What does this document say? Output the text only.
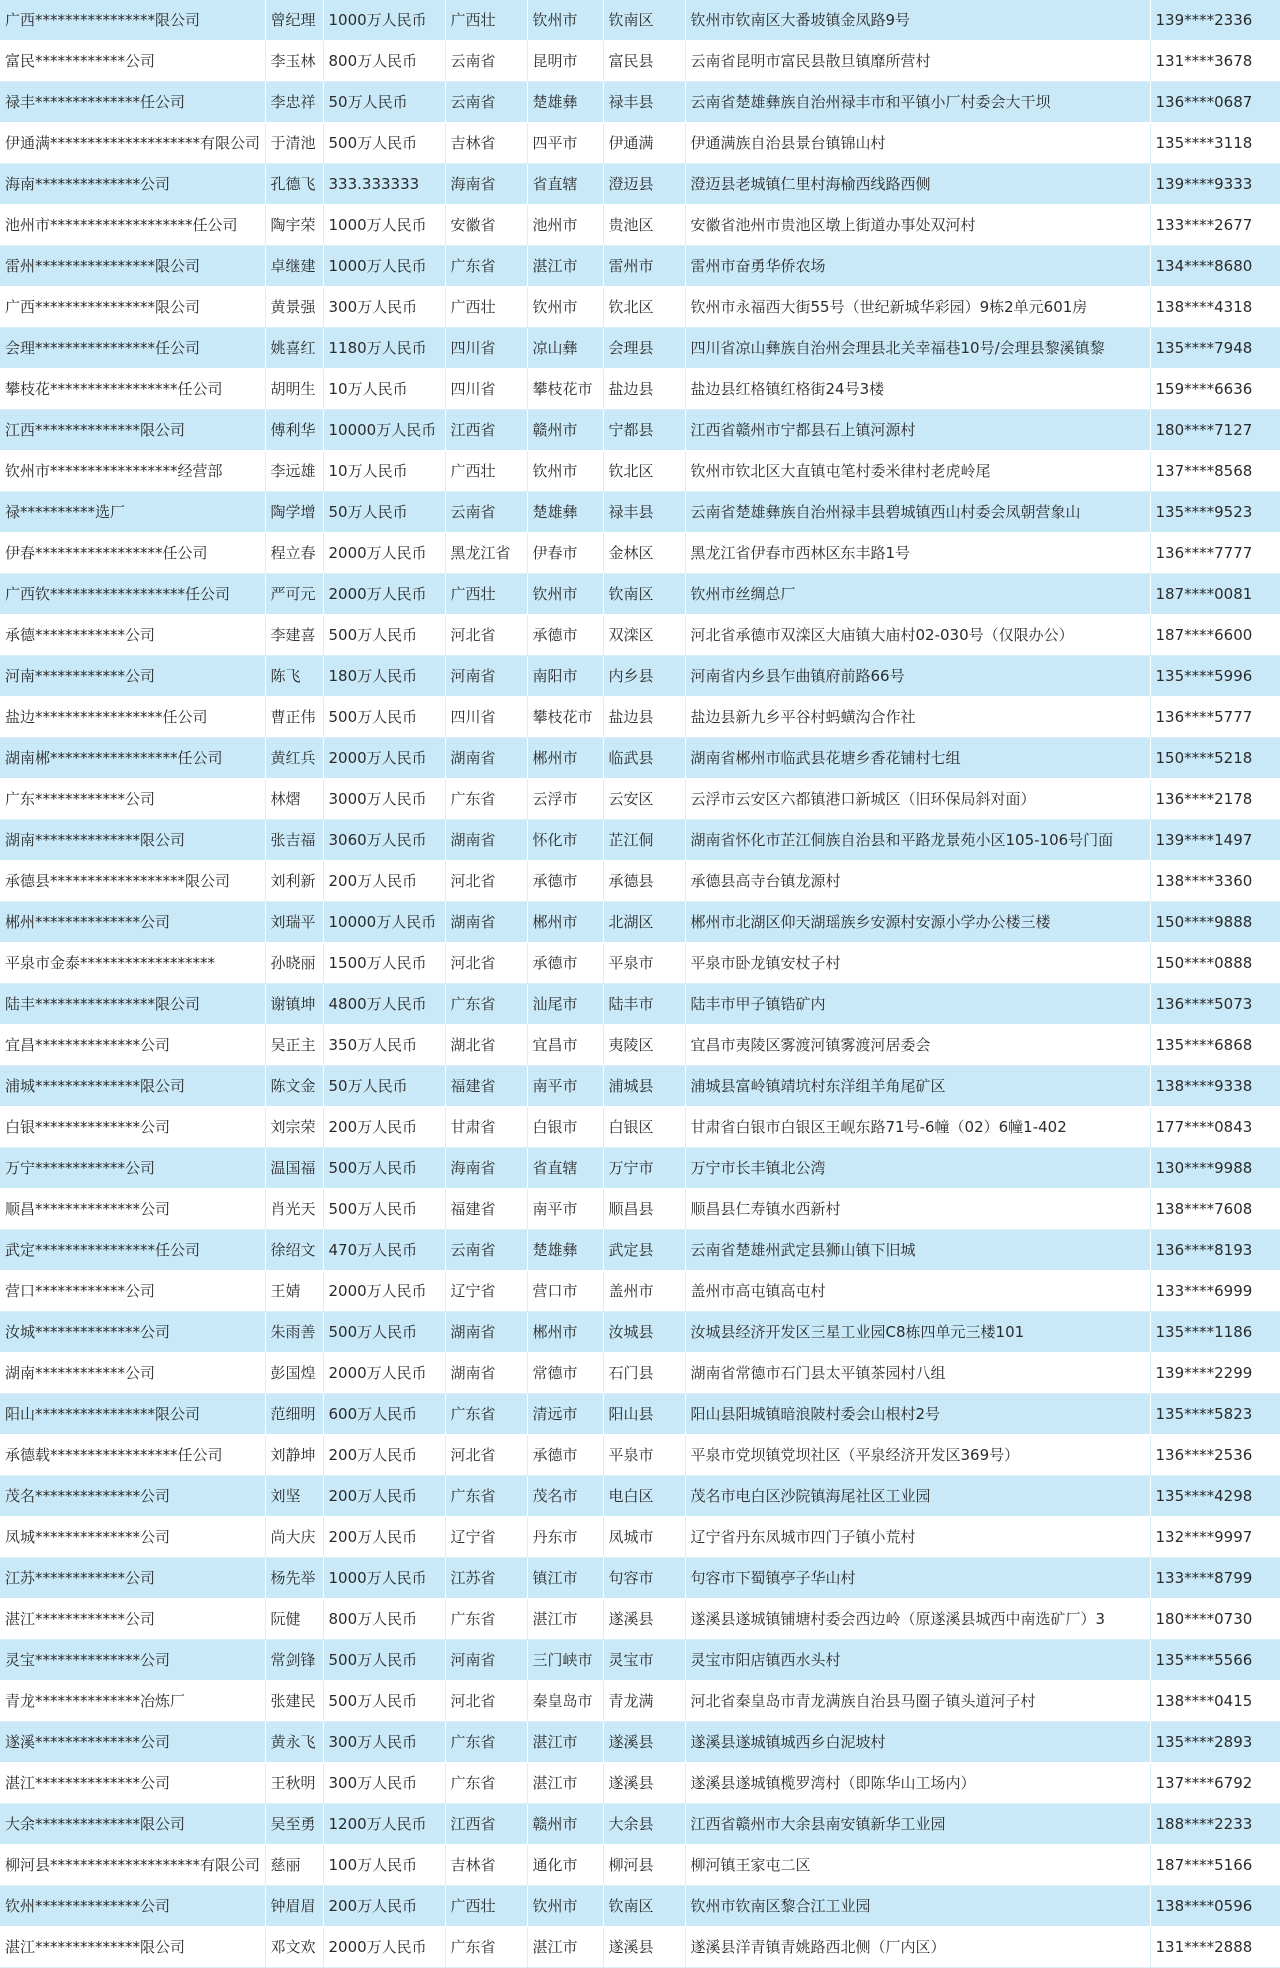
广西****************限公司	曾纪理	1000万人民币	广西壮	钦州市	钦南区	钦州市钦南区大番坡镇金凤路9号	139****2336
富民************公司	李玉林	800万人民币	云南省	昆明市	富民县	云南省昆明市富民县散旦镇靡所营村	131****3678
禄丰**************任公司	李忠祥	50万人民币	云南省	楚雄彝	禄丰县	云南省楚雄彝族自治州禄丰市和平镇小厂村委会大干坝	136****0687
伊通满********************有限公司	于清池	500万人民币	吉林省	四平市	伊通满	伊通满族自治县景台镇锦山村	135****3118
海南**************公司	孔德飞	333.333333	海南省	省直辖	澄迈县	澄迈县老城镇仁里村海榆西线路西侧	139****9333
池州市*******************任公司	陶宇荣	1000万人民币	安徽省	池州市	贵池区	安徽省池州市贵池区墩上街道办事处双河村	133****2677
雷州****************限公司	卓继建	1000万人民币	广东省	湛江市	雷州市	雷州市奋勇华侨农场	134****8680
广西****************限公司	黄景强	300万人民币	广西壮	钦州市	钦北区	钦州市永福西大街55号（世纪新城华彩园）9栋2单元601房	138****4318
会理****************任公司	姚喜红	1180万人民币	四川省	凉山彝	会理县	四川省凉山彝族自治州会理县北关幸福巷10号/会理县黎溪镇黎	135****7948
攀枝花*****************任公司	胡明生	10万人民币	四川省	攀枝花市	盐边县	盐边县红格镇红格街24号3楼	159****6636
江西**************限公司	傅利华	10000万人民币	江西省	赣州市	宁都县	江西省赣州市宁都县石上镇河源村	180****7127
钦州市*****************经营部	李远雄	10万人民币	广西壮	钦州市	钦北区	钦州市钦北区大直镇屯笔村委米律村老虎岭尾	137****8568
禄**********选厂	陶学增	50万人民币	云南省	楚雄彝	禄丰县	云南省楚雄彝族自治州禄丰县碧城镇西山村委会凤朝营象山	135****9523
伊春*****************任公司	程立春	2000万人民币	黑龙江省	伊春市	金林区	黑龙江省伊春市西林区东丰路1号	136****7777
广西钦******************任公司	严可元	2000万人民币	广西壮	钦州市	钦南区	钦州市丝绸总厂	187****0081
承德************公司	李建喜	500万人民币	河北省	承德市	双滦区	河北省承德市双滦区大庙镇大庙村02-030号（仅限办公）	187****6600
河南************公司	陈飞	180万人民币	河南省	南阳市	内乡县	河南省内乡县乍曲镇府前路66号	135****5996
盐边*****************任公司	曹正伟	500万人民币	四川省	攀枝花市	盐边县	盐边县新九乡平谷村蚂蟥沟合作社	136****5777
湖南郴*****************任公司	黄红兵	2000万人民币	湖南省	郴州市	临武县	湖南省郴州市临武县花塘乡香花铺村七组	150****5218
广东************公司	林熠	3000万人民币	广东省	云浮市	云安区	云浮市云安区六都镇港口新城区（旧环保局斜对面）	136****2178
湖南**************限公司	张吉福	3060万人民币	湖南省	怀化市	芷江侗	湖南省怀化市芷江侗族自治县和平路龙景苑小区105-106号门面	139****1497
承德县******************限公司	刘利新	200万人民币	河北省	承德市	承德县	承德县高寺台镇龙源村	138****3360
郴州**************公司	刘瑞平	10000万人民币	湖南省	郴州市	北湖区	郴州市北湖区仰天湖瑶族乡安源村安源小学办公楼三楼	150****9888
平泉市金泰******************	孙晓丽	1500万人民币	河北省	承德市	平泉市	平泉市卧龙镇安杖子村	150****0888
陆丰****************限公司	谢镇坤	4800万人民币	广东省	汕尾市	陆丰市	陆丰市甲子镇锆矿内	136****5073
宜昌**************公司	吴正主	350万人民币	湖北省	宜昌市	夷陵区	宜昌市夷陵区雾渡河镇雾渡河居委会	135****6868
浦城**************限公司	陈文金	50万人民币	福建省	南平市	浦城县	浦城县富岭镇靖坑村东洋组羊角尾矿区	138****9338
白银**************公司	刘宗荣	200万人民币	甘肃省	白银市	白银区	甘肃省白银市白银区王岘东路71号-6幢（02）6幢1-402	177****0843
万宁************公司	温国福	500万人民币	海南省	省直辖	万宁市	万宁市长丰镇北公湾	130****9988
顺昌**************公司	肖光天	500万人民币	福建省	南平市	顺昌县	顺昌县仁寿镇水西新村	138****7608
武定****************任公司	徐绍文	470万人民币	云南省	楚雄彝	武定县	云南省楚雄州武定县狮山镇下旧城	136****8193
营口************公司	王婧	2000万人民币	辽宁省	营口市	盖州市	盖州市高屯镇高屯村	133****6999
汝城**************公司	朱雨善	500万人民币	湖南省	郴州市	汝城县	汝城县经济开发区三星工业园C8栋四单元三楼101	135****1186
湖南************公司	彭国煌	2000万人民币	湖南省	常德市	石门县	湖南省常德市石门县太平镇茶园村八组	139****2299
阳山****************限公司	范细明	600万人民币	广东省	清远市	阳山县	阳山县阳城镇暗浪陂村委会山根村2号	135****5823
承德载*****************任公司	刘静坤	200万人民币	河北省	承德市	平泉市	平泉市党坝镇党坝社区（平泉经济开发区369号）	136****2536
茂名**************公司	刘坚	200万人民币	广东省	茂名市	电白区	茂名市电白区沙院镇海尾社区工业园	135****4298
凤城**************公司	尚大庆	200万人民币	辽宁省	丹东市	凤城市	辽宁省丹东凤城市四门子镇小荒村	132****9997
江苏************公司	杨先举	1000万人民币	江苏省	镇江市	句容市	句容市下蜀镇亭子华山村	133****8799
湛江************公司	阮健	800万人民币	广东省	湛江市	遂溪县	遂溪县遂城镇铺塘村委会西边岭（原遂溪县城西中南选矿厂）3	180****0730
灵宝**************公司	常剑锋	500万人民币	河南省	三门峡市	灵宝市	灵宝市阳店镇西水头村	135****5566
青龙**************冶炼厂	张建民	500万人民币	河北省	秦皇岛市	青龙满	河北省秦皇岛市青龙满族自治县马圈子镇头道河子村	138****0415
遂溪**************公司	黄永飞	300万人民币	广东省	湛江市	遂溪县	遂溪县遂城镇城西乡白泥坡村	135****2893
湛江**************公司	王秋明	300万人民币	广东省	湛江市	遂溪县	遂溪县遂城镇榄罗湾村（即陈华山工场内）	137****6792
大余**************限公司	吴至勇	1200万人民币	江西省	赣州市	大余县	江西省赣州市大余县南安镇新华工业园	188****2233
柳河县********************有限公司	慈丽	100万人民币	吉林省	通化市	柳河县	柳河镇王家屯二区	187****5166
钦州**************公司	钟眉眉	200万人民币	广西壮	钦州市	钦南区	钦州市钦南区黎合江工业园	138****0596
湛江**************限公司	邓文欢	2000万人民币	广东省	湛江市	遂溪县	遂溪县洋青镇青姚路西北侧（厂内区）	131****2888
